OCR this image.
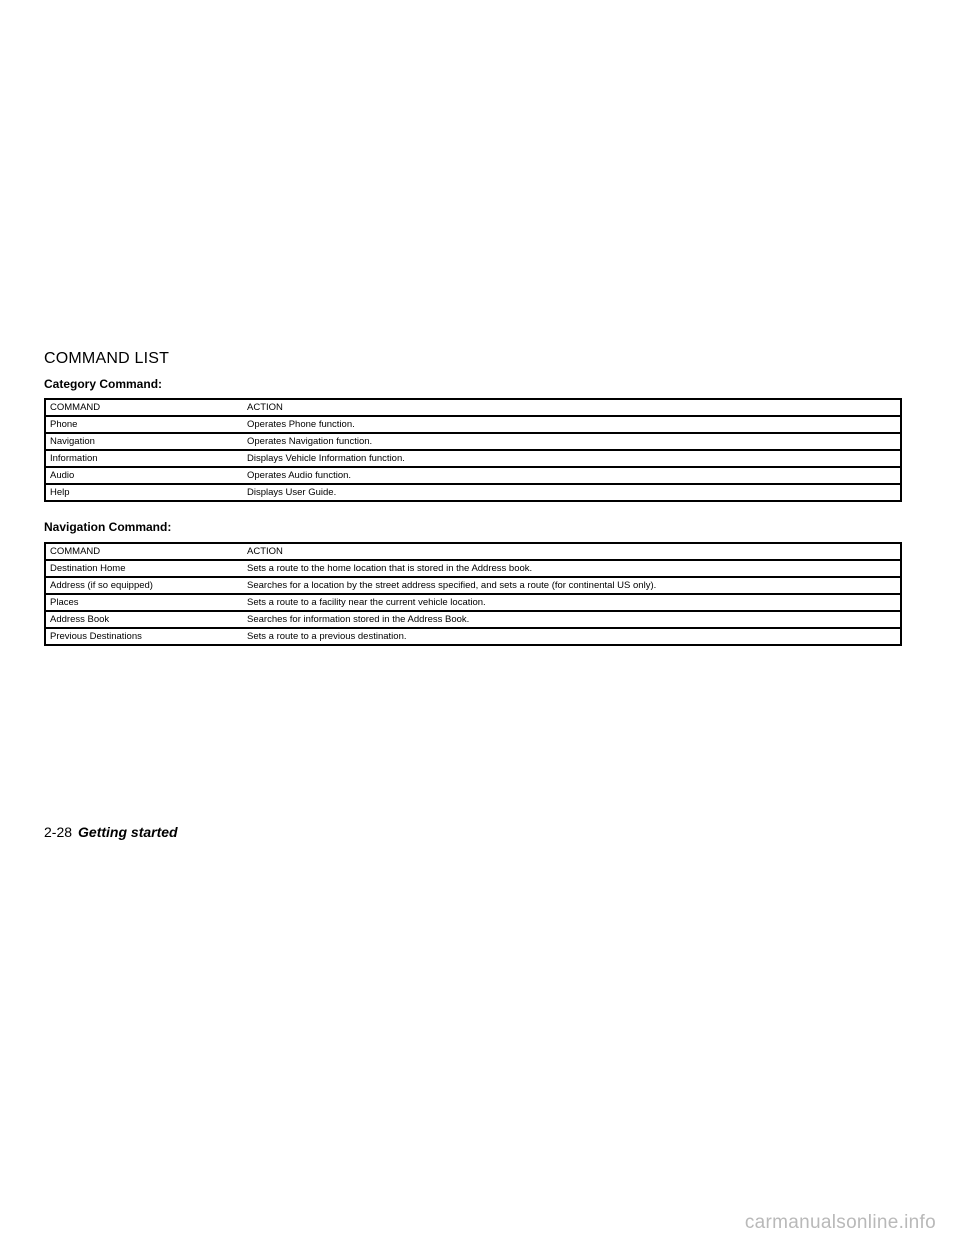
COMMAND LIST
Category Command:
COMMAND	ACTION
Phone	Operates Phone function.
Navigation	Operates Navigation function.
Information	Displays Vehicle Information function.
Audio	Operates Audio function.
Help	Displays User Guide.
Navigation Command:
COMMAND	ACTION
Destination Home	Sets a route to the home location that is stored in the Address book.
Address (if so equipped)	Searches for a location by the street address specified, and sets a route (for continental US only).
Places	Sets a route to a facility near the current vehicle location.
Address Book	Searches for information stored in the Address Book.
Previous Destinations	Sets a route to a previous destination.
2-28 Getting started
carmanualsonline.info
